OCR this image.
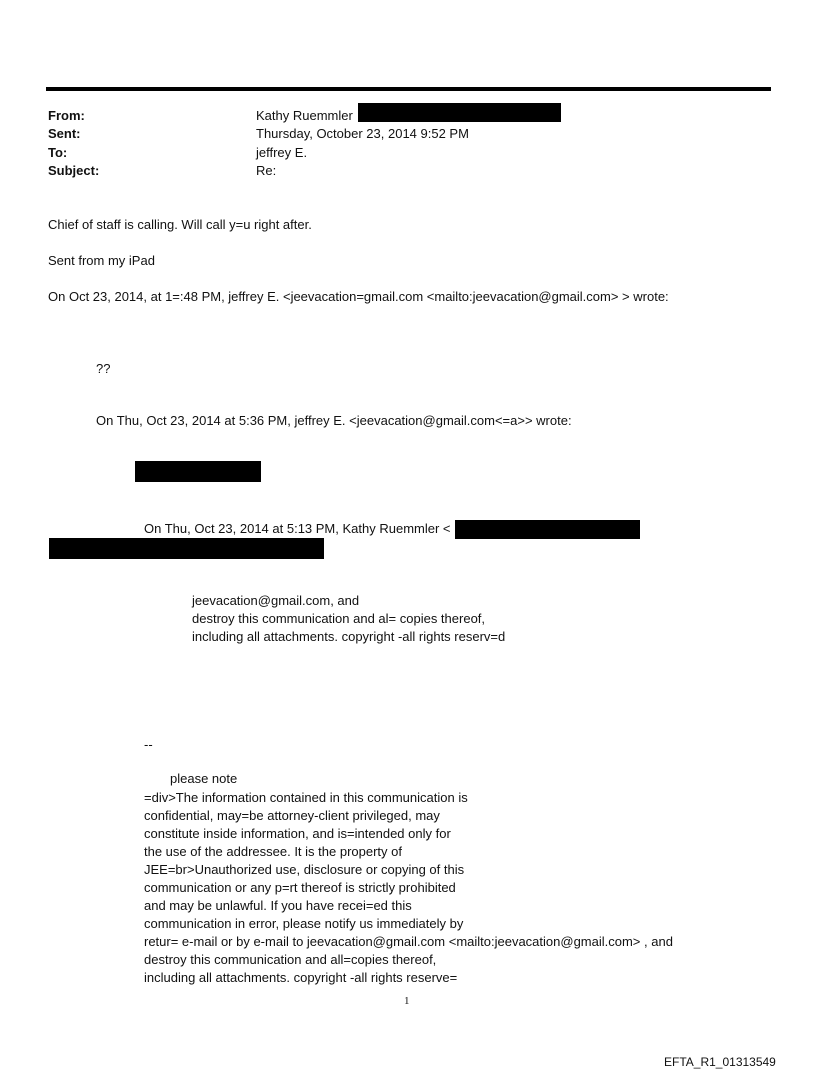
From:	Kathy Ruemmler
Sent:	Thursday, October 23, 2014 9:52 PM
To:	jeffrey E.
Subject:	Re:
Chief of staff is calling. Will call y=u right after.
Sent from my iPad
On Oct 23, 2014, at 1=:48 PM, jeffrey E. <jeevacation=gmail.com <mailto:jeevacation@gmail.com> > wrote:
??
On Thu, Oct 23, 2014 at 5:36 PM, jeffrey E. <jeevacation@gmail.com<=a>> wrote:
On Thu, Oct 23, 2014 at 5:13 PM, Kathy Ruemmler <
jeevacation@gmail.com, and
destroy this communication and al= copies thereof,
including all attachments. copyright -all rights reserv=d
--
please note
=div>The information contained in this communication is
confidential, may=be attorney-client privileged, may
constitute inside information, and is=intended only for
the use of the addressee. It is the property of
JEE=br>Unauthorized use, disclosure or copying of this
communication or any p=rt thereof is strictly prohibited
and may be unlawful. If you have recei=ed this
communication in error, please notify us immediately by
retur= e-mail or by e-mail to jeevacation@gmail.com <mailto:jeevacation@gmail.com> , and
destroy this communication and all=copies thereof,
including all attachments. copyright -all rights reserve=
1
EFTA_R1_01313549
